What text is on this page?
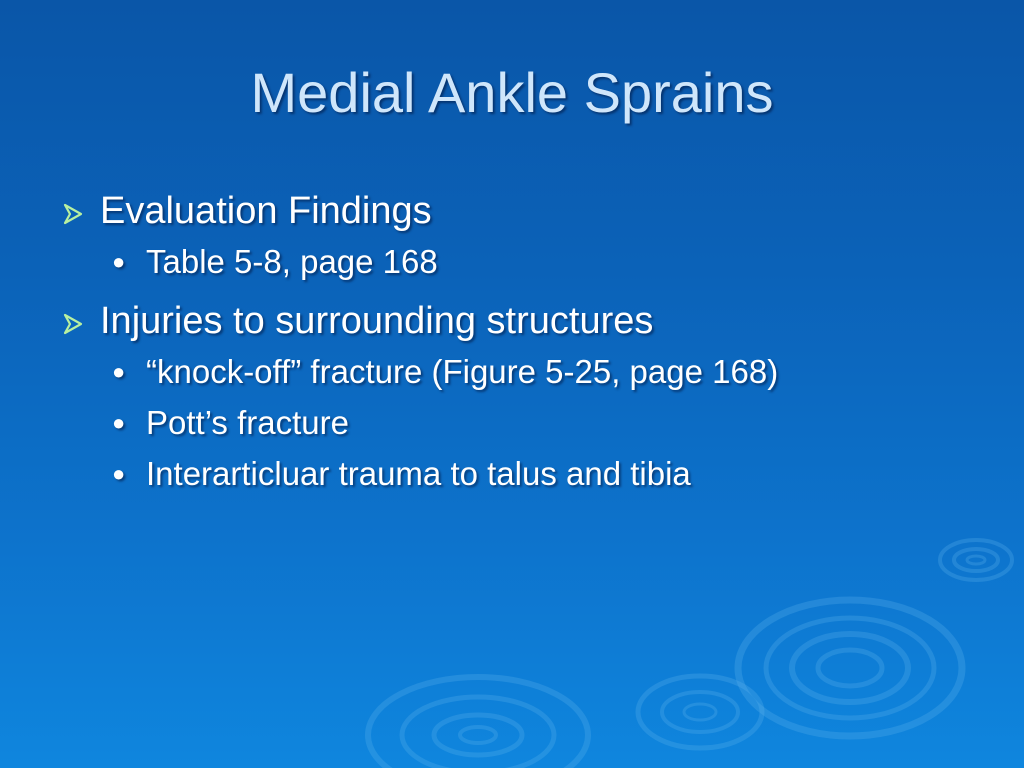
Medial Ankle Sprains
Evaluation Findings
● Table 5-8, page 168
Injuries to surrounding structures
● “knock-off” fracture (Figure 5-25, page 168)
● Pott’s fracture
● Interarticluar trauma to talus and tibia
